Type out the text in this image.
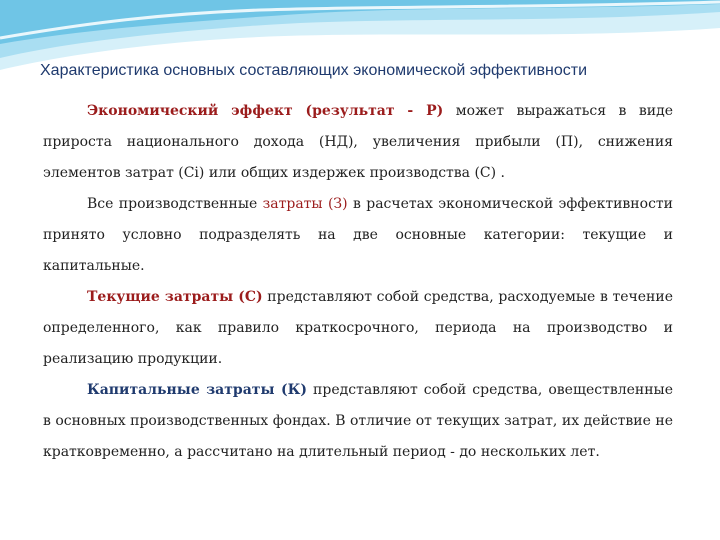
Характеристика основных составляющих экономической эффективности

Экономический эффект (результат - Р) может выражаться в виде прироста национального дохода (НД), увеличения прибыли (П), снижения элементов затрат (Ci) или общих издержек производства (С) .

Все производственные затраты (З) в расчетах экономической эффективности принято условно подразделять на две основные категории: текущие и капитальные.

Текущие затраты (С) представляют собой средства, расходуемые в течение определенного, как правило краткосрочного, периода на производство и реализацию продукции.

Капитальные затраты (К) представляют собой средства, овеществленные в основных производственных фондах. В отличие от текущих затрат, их действие не кратковременно, а рассчитано на длительный период - до нескольких лет.
